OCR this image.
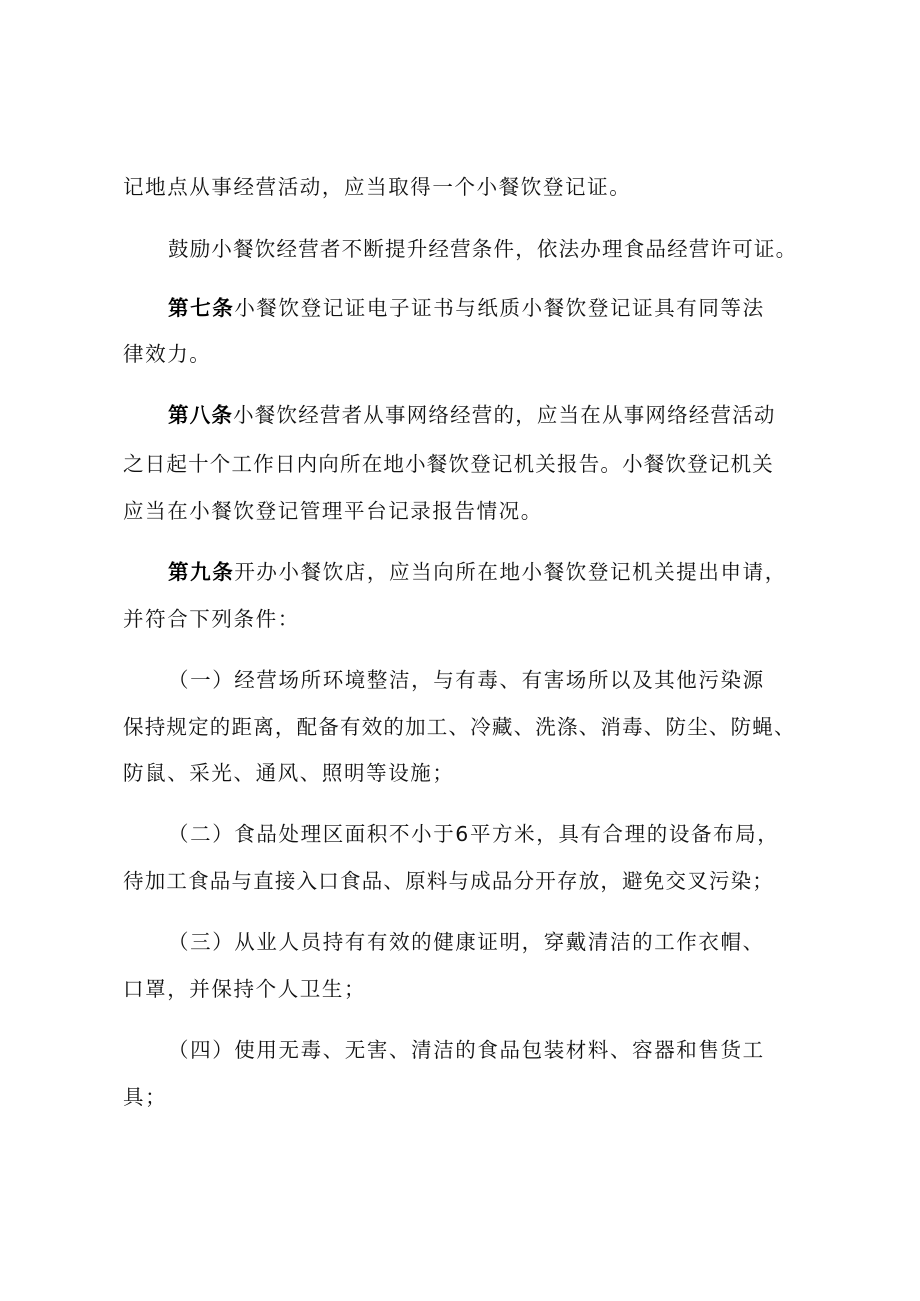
记地点从事经营活动，应当取得一个小餐饮登记证。
鼓励小餐饮经营者不断提升经营条件，依法办理食品经营许可证。
第七条小餐饮登记证电子证书与纸质小餐饮登记证具有同等法
律效力。
第八条小餐饮经营者从事网络经营的，应当在从事网络经营活动
之日起十个工作日内向所在地小餐饮登记机关报告。小餐饮登记机关
应当在小餐饮登记管理平台记录报告情况。
第九条开办小餐饮店，应当向所在地小餐饮登记机关提出申请，
并符合下列条件：
（一）经营场所环境整洁，与有毒、有害场所以及其他污染源
保持规定的距离，配备有效的加工、冷藏、洗涤、消毒、防尘、防蝇、
防鼠、采光、通风、照明等设施；
（二）食品处理区面积不小于6平方米，具有合理的设备布局，
待加工食品与直接入口食品、原料与成品分开存放，避免交叉污染；
（三）从业人员持有有效的健康证明，穿戴清洁的工作衣帽、
口罩，并保持个人卫生；
（四）使用无毒、无害、清洁的食品包装材料、容器和售货工
具；
